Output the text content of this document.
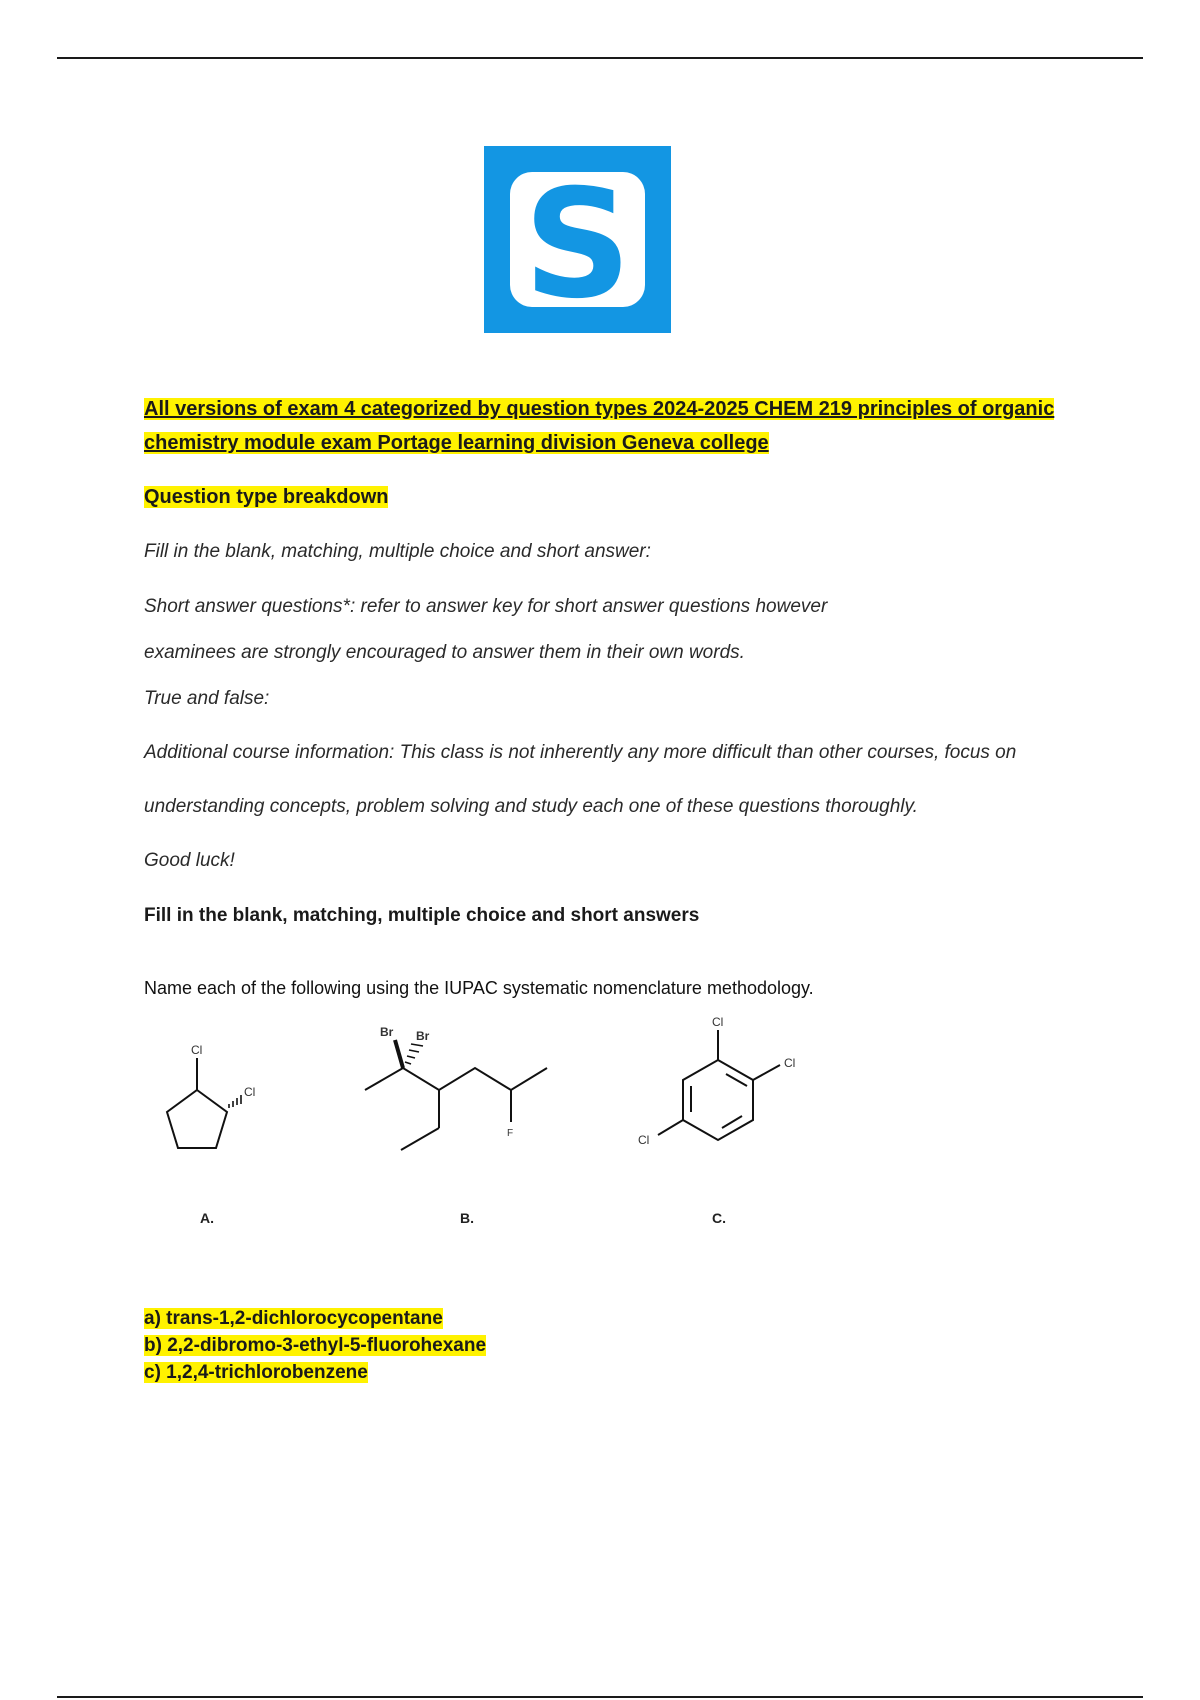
S
All versions of exam 4 categorized by question types 2024-2025 CHEM 219 principles of organic chemistry module exam Portage learning division Geneva college
Question type breakdown
Fill in the blank, matching, multiple choice and short answer:
Short answer questions*: refer to answer key for short answer questions however
examinees are strongly encouraged to answer them in their own words.
True and false:
Additional course information: This class is not inherently any more difficult than other courses, focus on
understanding concepts, problem solving and study each one of these questions thoroughly.
Good luck!
Fill in the blank, matching, multiple choice and short answers
Name each of the following using the IUPAC systematic nomenclature methodology.
Cl
Cl
Br Br
F
Cl
Cl
Cl
A.	B.	C.
a) trans-1,2-dichlorocycopentane
b) 2,2-dibromo-3-ethyl-5-fluorohexane
c) 1,2,4-trichlorobenzene
